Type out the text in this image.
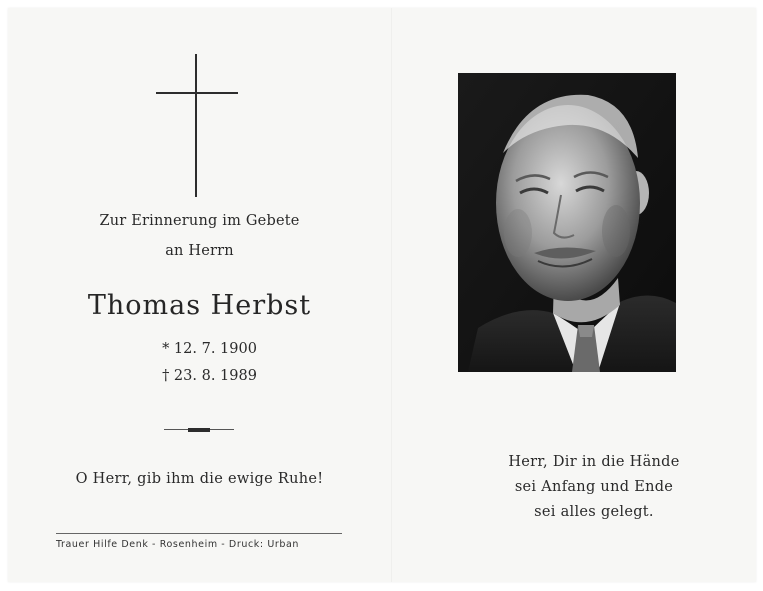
Zur Erinnerung im Gebete
an Herrn
Thomas Herbst
* 12. 7. 1900
† 23. 8. 1989
O Herr, gib ihm die ewige Ruhe!
Trauer Hilfe Denk - Rosenheim - Druck: Urban
Herr, Dir in die Hände
sei Anfang und Ende
sei alles gelegt.
